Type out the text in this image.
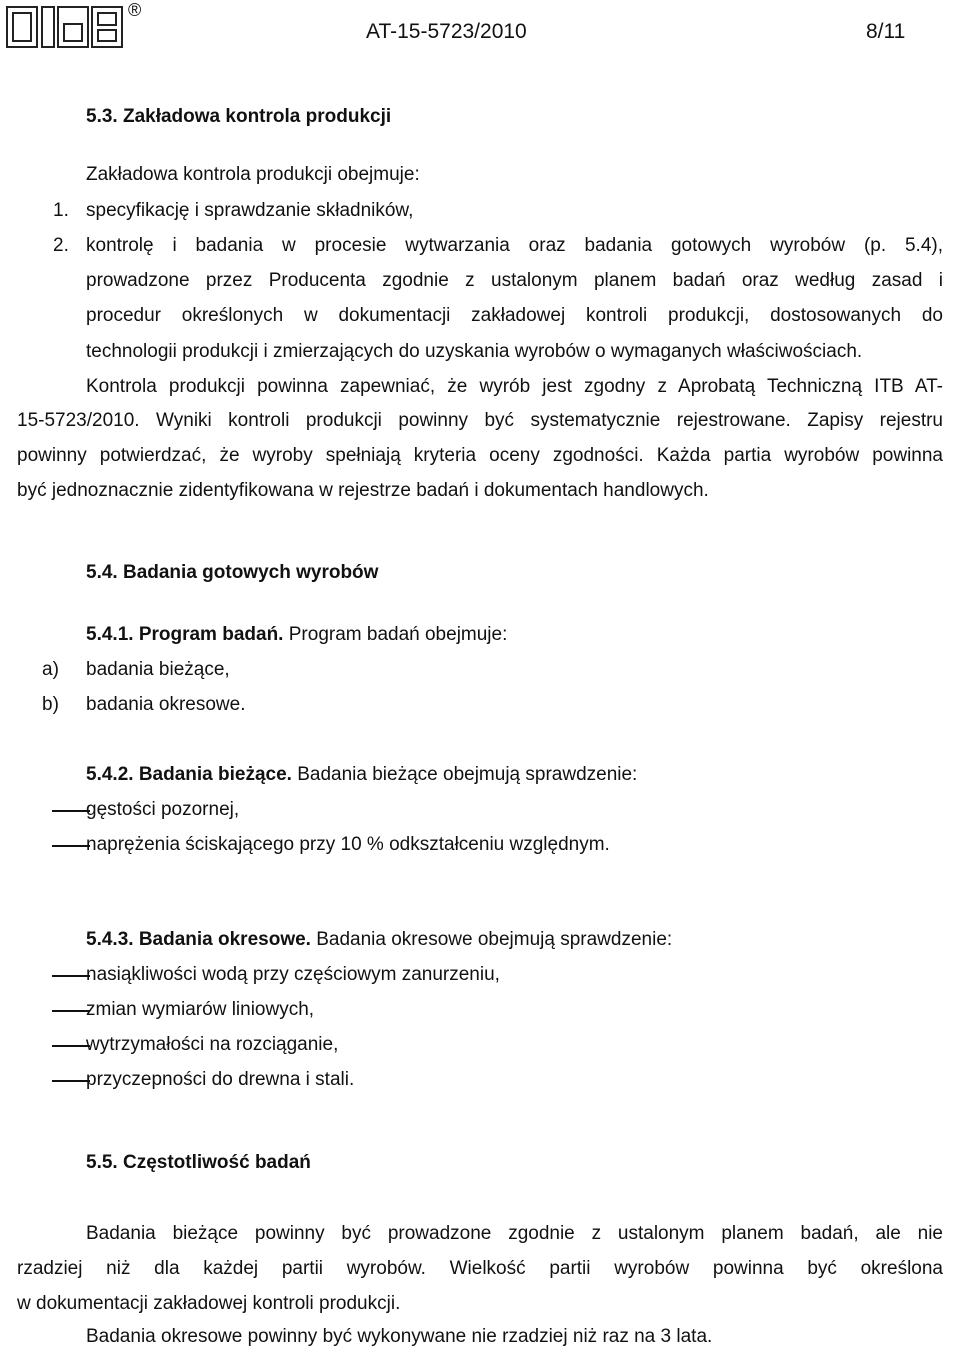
®
AT-15-5723/2010	8/11
5.3. Zakładowa kontrola produkcji
Zakładowa kontrola produkcji obejmuje:
1. specyfikację i sprawdzanie składników,
2. kontrolę i badania w procesie wytwarzania oraz badania gotowych wyrobów (p. 5.4),
prowadzone przez Producenta zgodnie z ustalonym planem badań oraz według zasad i
procedur określonych w dokumentacji zakładowej kontroli produkcji, dostosowanych do
technologii produkcji i zmierzających do uzyskania wyrobów o wymaganych właściwościach.
Kontrola produkcji powinna zapewniać, że wyrób jest zgodny z Aprobatą Techniczną ITB AT-
15-5723/2010. Wyniki kontroli produkcji powinny być systematycznie rejestrowane. Zapisy rejestru
powinny potwierdzać, że wyroby spełniają kryteria oceny zgodności. Każda partia wyrobów powinna
być jednoznacznie zidentyfikowana w rejestrze badań i dokumentach handlowych.
5.4. Badania gotowych wyrobów
5.4.1. Program badań. Program badań obejmuje:
a) badania bieżące,
b) badania okresowe.
5.4.2. Badania bieżące. Badania bieżące obejmują sprawdzenie:
gęstości pozornej,
naprężenia ściskającego przy 10 % odkształceniu względnym.
5.4.3. Badania okresowe. Badania okresowe obejmują sprawdzenie:
nasiąkliwości wodą przy częściowym zanurzeniu,
zmian wymiarów liniowych,
wytrzymałości na rozciąganie,
przyczepności do drewna i stali.
5.5. Częstotliwość badań
Badania bieżące powinny być prowadzone zgodnie z ustalonym planem badań, ale nie
rzadziej niż dla każdej partii wyrobów. Wielkość partii wyrobów powinna być określona
w dokumentacji zakładowej kontroli produkcji.
Badania okresowe powinny być wykonywane nie rzadziej niż raz na 3 lata.
